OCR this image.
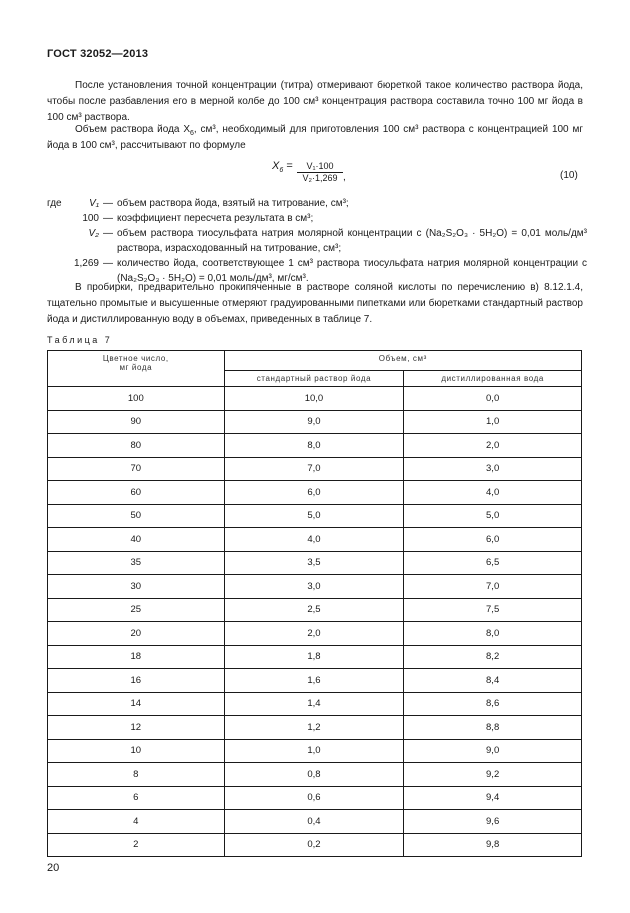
ГОСТ 32052—2013
После установления точной концентрации (титра) отмеривают бюреткой такое количество раствора йода, чтобы после разбавления его в мерной колбе до 100 см³ концентрация раствора составила точно 100 мг йода в 100 см³ раствора.
Объем раствора йода $X_6$, см³, необходимый для приготовления 100 см³ раствора с концентрацией 100 мг йода в 100 см³, рассчитывают по формуле
$X_6 = \frac{\text{V₁·100}}{\text{V₂·1,269}}$ ,	(10)
где	V₁ — объем раствора йода, взятый на титрование, см³;
100 — коэффициент пересчета результата в см³;
V₂ — объем раствора тиосульфата натрия молярной концентрации c (Na₂S₂O₃ · 5H₂O) = 0,01 моль/дм³ раствора, израсходованный на титрование, см³;
1,269 — количество йода, соответствующее 1 см³ раствора тиосульфата натрия молярной концентрации c (Na₂S₂O₃ · 5H₂O) = 0,01 моль/дм³, мг/см³.
В пробирки, предварительно прокипяченные в растворе соляной кислоты по перечислению в) 8.12.1.4, тщательно промытые и высушенные отмеряют градуированными пипетками или бюретками стандартный раствор йода и дистиллированную воду в объемах, приведенных в таблице 7.
Таблица 7
Цветное число,
мг йода	Объем, см³	
	стандартный раствор йода	дистиллированная вода
100	10,0	0,0
90	9,0	1,0
80	8,0	2,0
70	7,0	3,0
60	6,0	4,0
50	5,0	5,0
40	4,0	6,0
35	3,5	6,5
30	3,0	7,0
25	2,5	7,5
20	2,0	8,0
18	1,8	8,2
16	1,6	8,4
14	1,4	8,6
12	1,2	8,8
10	1,0	9,0
8	0,8	9,2
6	0,6	9,4
4	0,4	9,6
2	0,2	9,8
20
